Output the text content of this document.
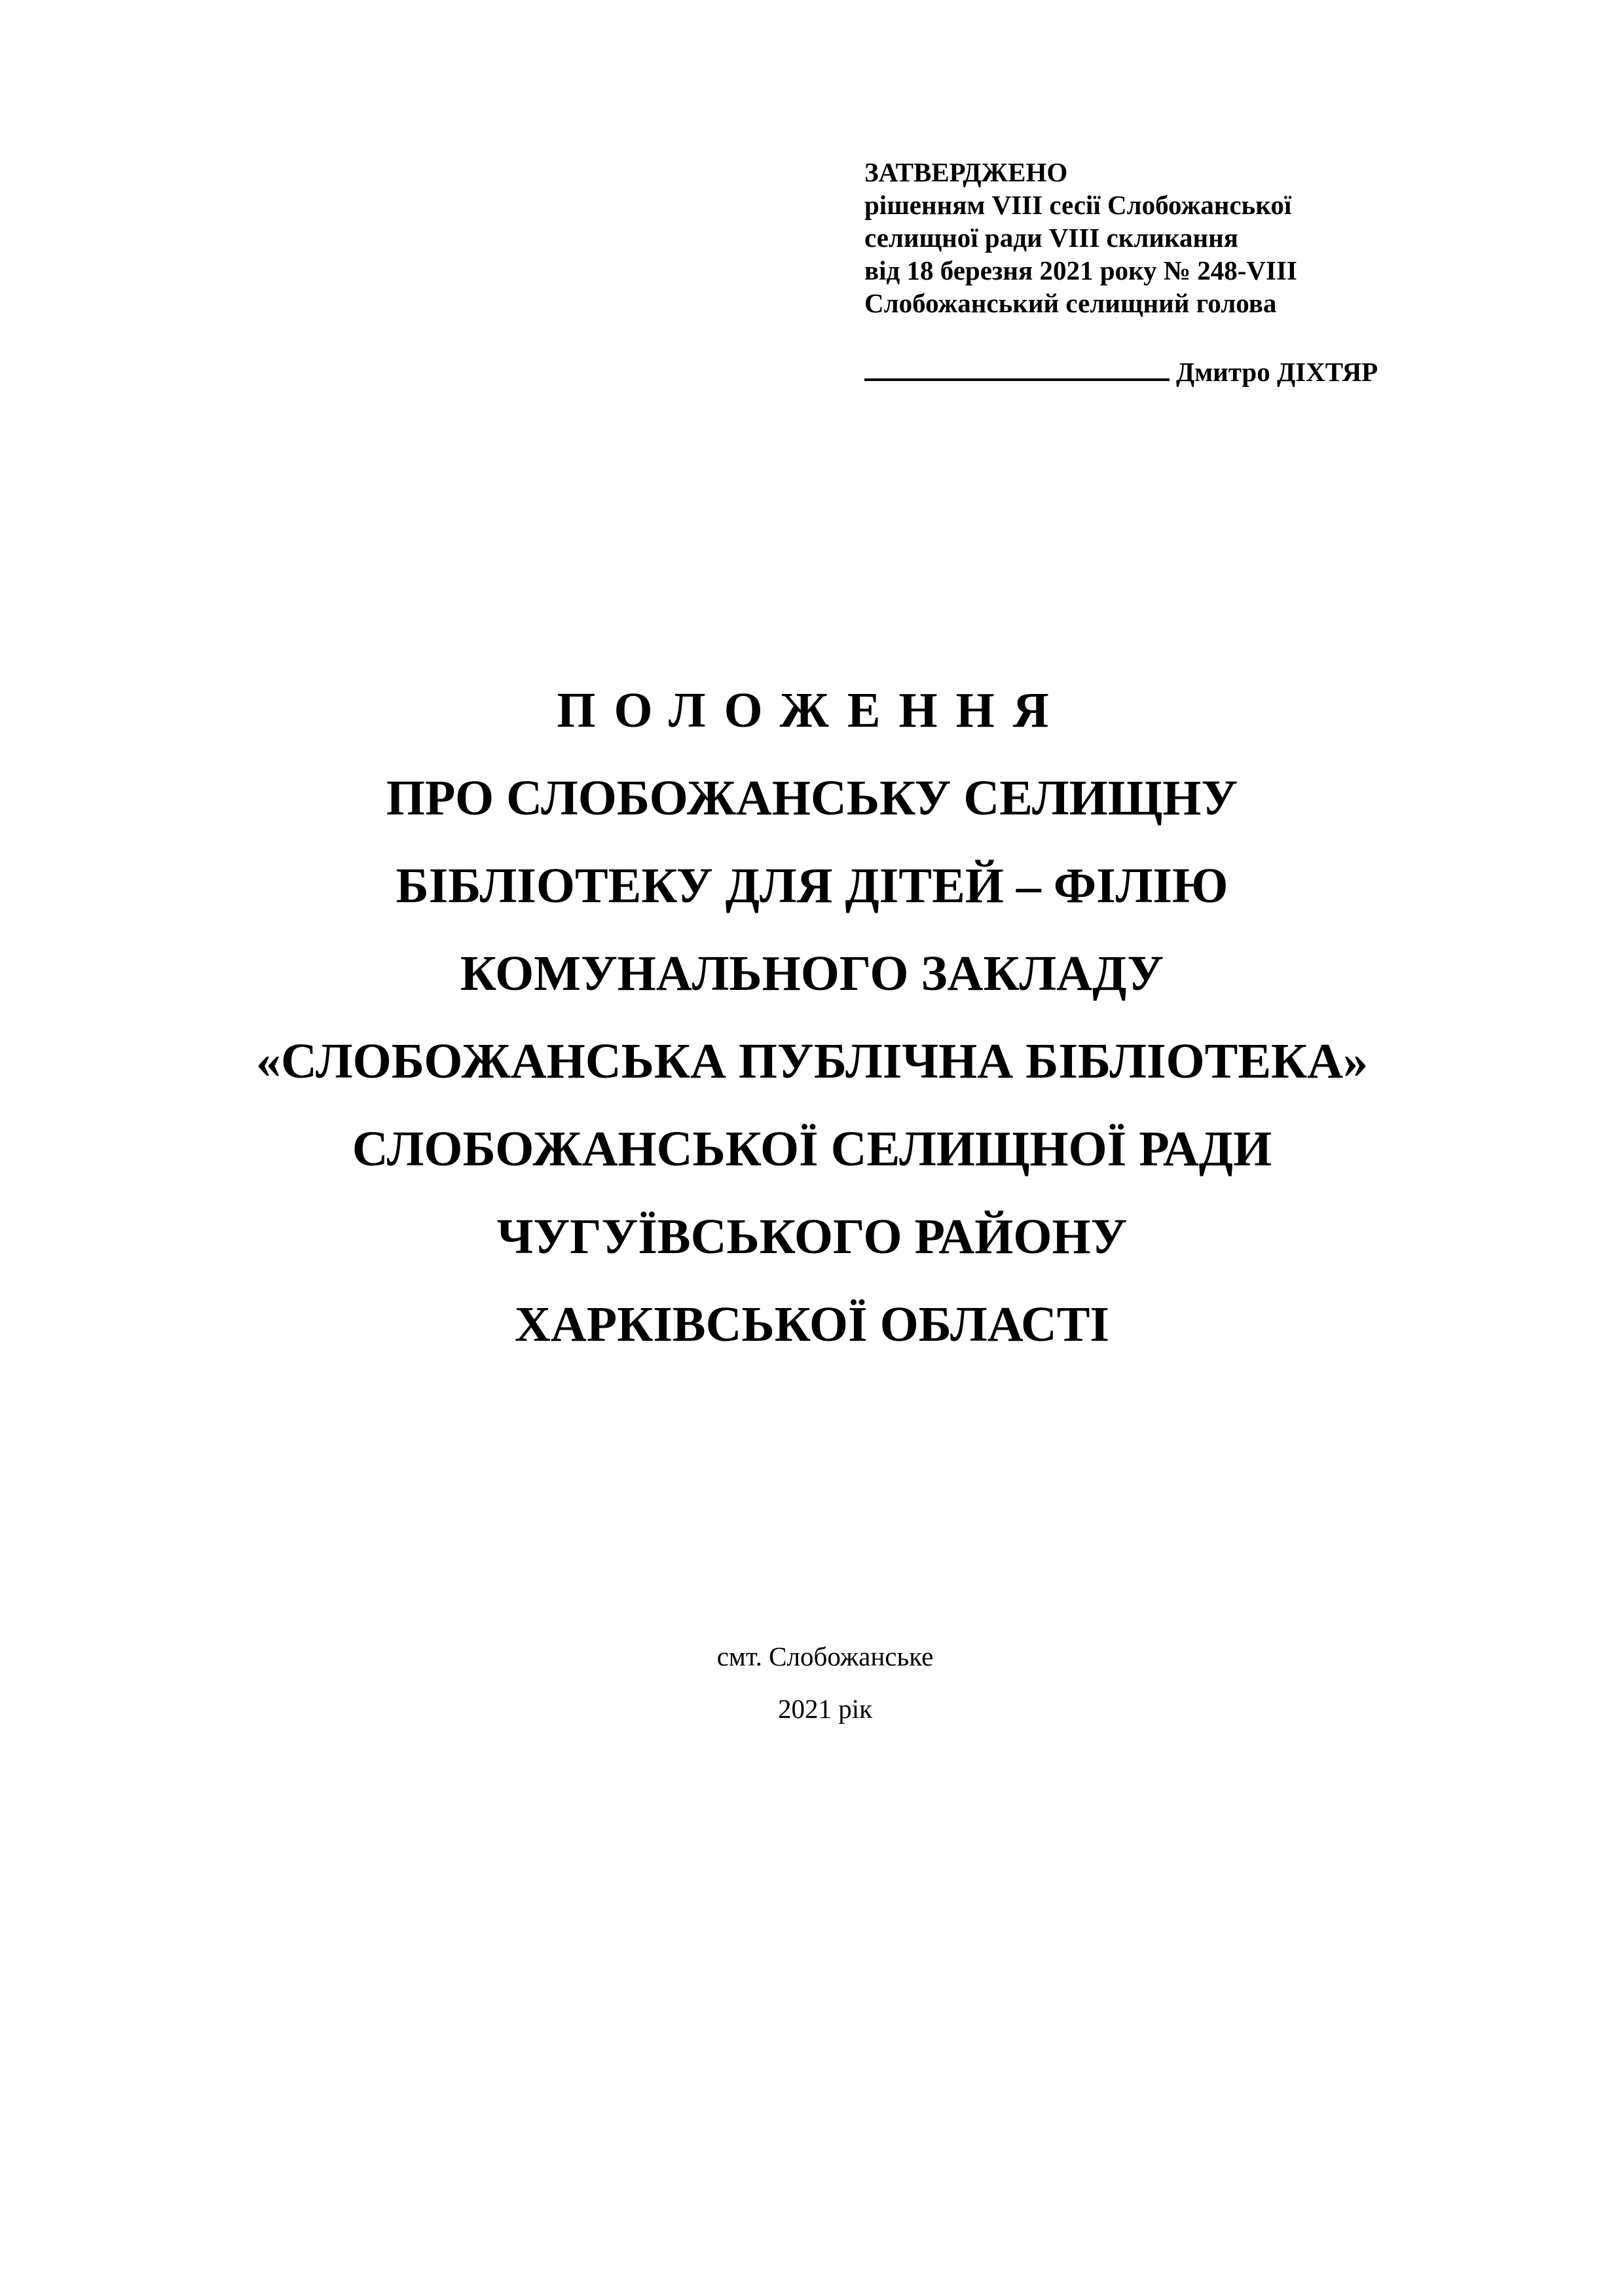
ЗАТВЕРДЖЕНО
рішенням VIII сесії Слобожанської
селищної ради VIII скликання
від 18 березня 2021 року № 248-VIII
Слобожанський селищний голова
Дмитро ДІХТЯР
ПОЛОЖЕННЯ
ПРО СЛОБОЖАНСЬКУ СЕЛИЩНУ
БІБЛІОТЕКУ ДЛЯ ДІТЕЙ – ФІЛІЮ
КОМУНАЛЬНОГО ЗАКЛАДУ
«СЛОБОЖАНСЬКА ПУБЛІЧНА БІБЛІОТЕКА»
СЛОБОЖАНСЬКОЇ СЕЛИЩНОЇ РАДИ
ЧУГУЇВСЬКОГО РАЙОНУ
ХАРКІВСЬКОЇ ОБЛАСТІ
смт. Слобожанське
2021 рік
